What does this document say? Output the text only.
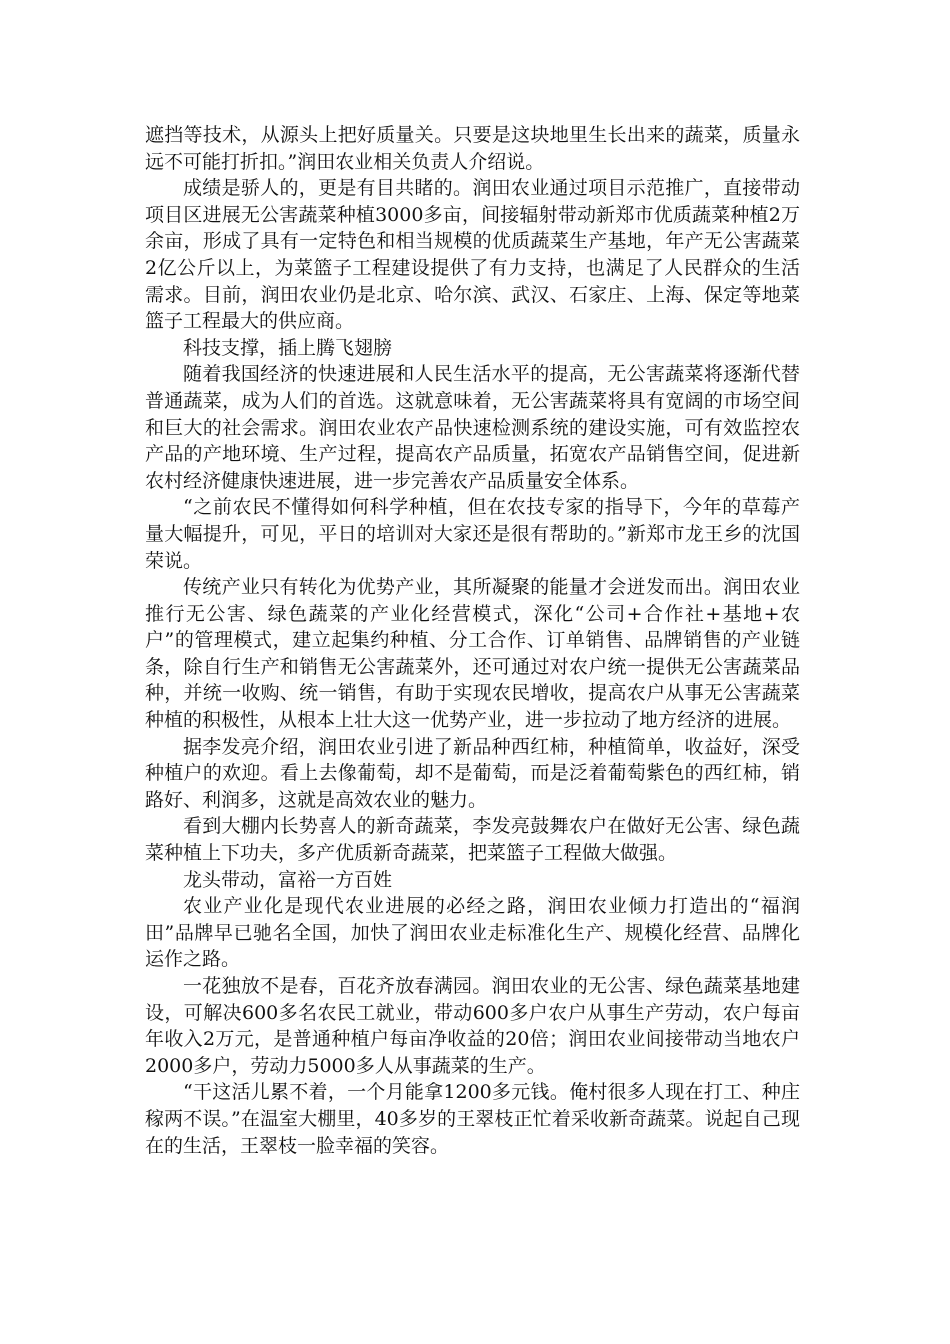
遮挡等技术，从源头上把好质量关。只要是这块地里生长出来的蔬菜，质量永远不可能打折扣。”润田农业相关负责人介绍说。

成绩是骄人的，更是有目共睹的。润田农业通过项目示范推广，直接带动项目区进展无公害蔬菜种植3000多亩，间接辐射带动新郑市优质蔬菜种植2万余亩，形成了具有一定特色和相当规模的优质蔬菜生产基地，年产无公害蔬菜2亿公斤以上，为菜篮子工程建设提供了有力支持，也满足了人民群众的生活需求。目前，润田农业仍是北京、哈尔滨、武汉、石家庄、上海、保定等地菜篮子工程最大的供应商。

科技支撑，插上腾飞翅膀

随着我国经济的快速进展和人民生活水平的提高，无公害蔬菜将逐渐代替普通蔬菜，成为人们的首选。这就意味着，无公害蔬菜将具有宽阔的市场空间和巨大的社会需求。润田农业农产品快速检测系统的建设实施，可有效监控农产品的产地环境、生产过程，提高农产品质量，拓宽农产品销售空间，促进新农村经济健康快速进展，进一步完善农产品质量安全体系。

“之前农民不懂得如何科学种植，但在农技专家的指导下，今年的草莓产量大幅提升，可见，平日的培训对大家还是很有帮助的。”新郑市龙王乡的沈国荣说。

传统产业只有转化为优势产业，其所凝聚的能量才会迸发而出。润田农业推行无公害、绿色蔬菜的产业化经营模式，深化“公司+合作社+基地+农户”的管理模式，建立起集约种植、分工合作、订单销售、品牌销售的产业链条，除自行生产和销售无公害蔬菜外，还可通过对农户统一提供无公害蔬菜品种，并统一收购、统一销售，有助于实现农民增收，提高农户从事无公害蔬菜种植的积极性，从根本上壮大这一优势产业，进一步拉动了地方经济的进展。

据李发亮介绍，润田农业引进了新品种西红柿，种植简单，收益好，深受种植户的欢迎。看上去像葡萄，却不是葡萄，而是泛着葡萄紫色的西红柿，销路好、利润多，这就是高效农业的魅力。

看到大棚内长势喜人的新奇蔬菜，李发亮鼓舞农户在做好无公害、绿色蔬菜种植上下功夫，多产优质新奇蔬菜，把菜篮子工程做大做强。

龙头带动，富裕一方百姓

农业产业化是现代农业进展的必经之路，润田农业倾力打造出的“福润田”品牌早已驰名全国，加快了润田农业走标准化生产、规模化经营、品牌化运作之路。

一花独放不是春，百花齐放春满园。润田农业的无公害、绿色蔬菜基地建设，可解决600多名农民工就业，带动600多户农户从事生产劳动，农户每亩年收入2万元，是普通种植户每亩净收益的20倍；润田农业间接带动当地农户2000多户，劳动力5000多人从事蔬菜的生产。

“干这活儿累不着，一个月能拿1200多元钱。俺村很多人现在打工、种庄稼两不误。”在温室大棚里，40多岁的王翠枝正忙着采收新奇蔬菜。说起自己现在的生活，王翠枝一脸幸福的笑容。
